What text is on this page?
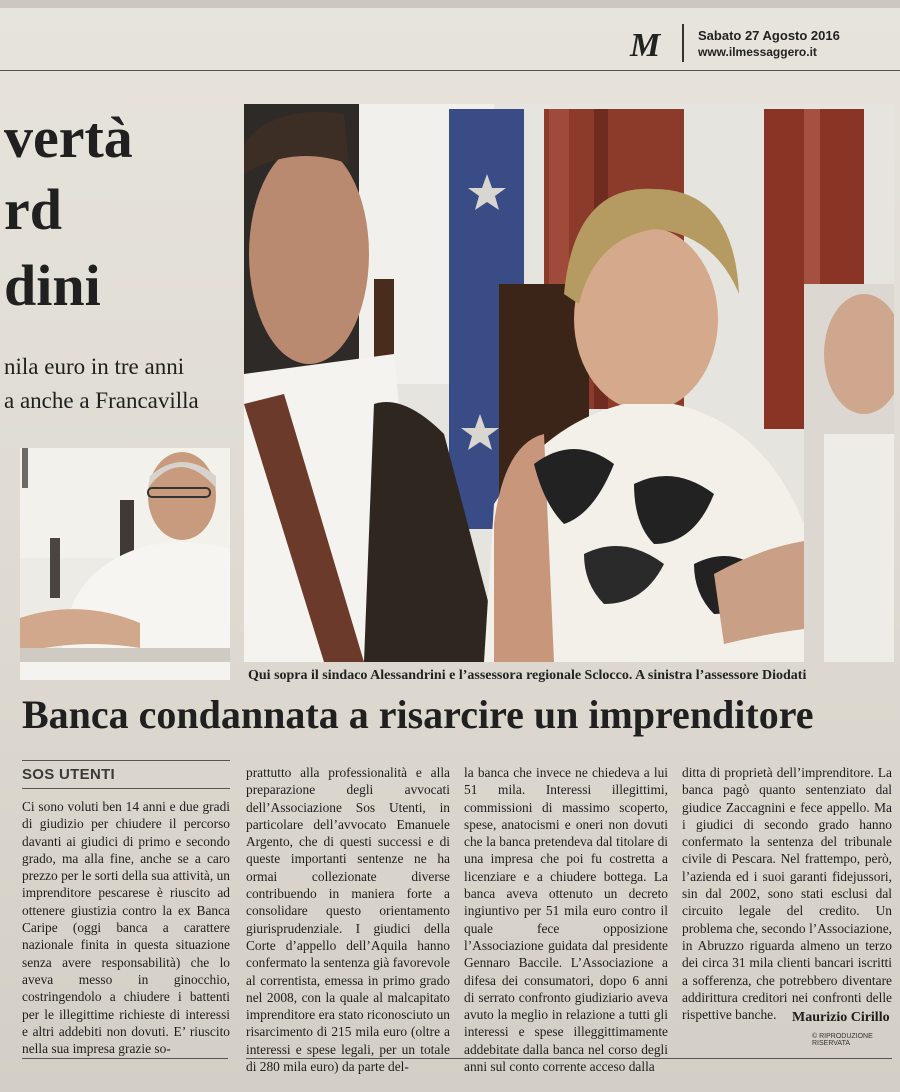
M	Sabato 27 Agosto 2016
www.ilmessaggero.it
vertà
rd
dini
nila euro in tre anni
a anche a Francavilla
Qui sopra il sindaco Alessandrini e l’assessora regionale Sclocco. A sinistra l’assessore Diodati
Banca condannata a risarcire un imprenditore
SOS UTENTI

Ci sono voluti ben 14 anni e due gradi di giudizio per chiudere il percorso davanti ai giudici di primo e secondo grado, ma alla fine, anche se a caro prezzo per le sorti della sua attività, un imprenditore pescarese è riuscito ad ottenere giustizia contro la ex Banca Caripe (oggi banca a carattere nazionale finita in questa situazione senza avere responsabilità) che lo aveva messo in ginocchio, costringendolo a chiudere i battenti per le illegittime richieste di interessi e altri addebiti non dovuti. E’ riuscito nella sua impresa grazie so-

prattutto alla professionalità e alla preparazione degli avvocati dell’Associazione Sos Utenti, in particolare dell’avvocato Emanuele Argento, che di questi successi e di queste importanti sentenze ne ha ormai collezionate diverse contribuendo in maniera forte a consolidare questo orientamento giurisprudenziale. I giudici della Corte d’appello dell’Aquila hanno confermato la sentenza già favorevole al correntista, emessa in primo grado nel 2008, con la quale al malcapitato imprenditore era stato riconosciuto un risarcimento di 215 mila euro (oltre a interessi e spese legali, per un totale di 280 mila euro) da parte del-

la banca che invece ne chiedeva a lui 51 mila. Interessi illegittimi, commissioni di massimo scoperto, spese, anatocismi e oneri non dovuti che la banca pretendeva dal titolare di una impresa che poi fu costretta a licenziare e a chiudere bottega. La banca aveva ottenuto un decreto ingiuntivo per 51 mila euro contro il quale fece opposizione l’Associazione guidata dal presidente Gennaro Baccile. L’Associazione a difesa dei consumatori, dopo 6 anni di serrato confronto giudiziario aveva avuto la meglio in relazione a tutti gli interessi e spese illeggittimamente addebitate dalla banca nel corso degli anni sul conto corrente acceso dalla

ditta di proprietà dell’imprenditore. La banca pagò quanto sentenziato dal giudice Zaccagnini e fece appello. Ma i giudici di secondo grado hanno confermato la sentenza del tribunale civile di Pescara. Nel frattempo, però, l’azienda ed i suoi garanti fidejussori, sin dal 2002, sono stati esclusi dal circuito legale del credito. Un problema che, secondo l’Associazione, in Abruzzo riguarda almeno un terzo dei circa 31 mila clienti bancari iscritti a sofferenza, che potrebbero diventare addirittura creditori nei confronti delle rispettive banche.	Maurizio Cirillo
© RIPRODUZIONE RISERVATA
